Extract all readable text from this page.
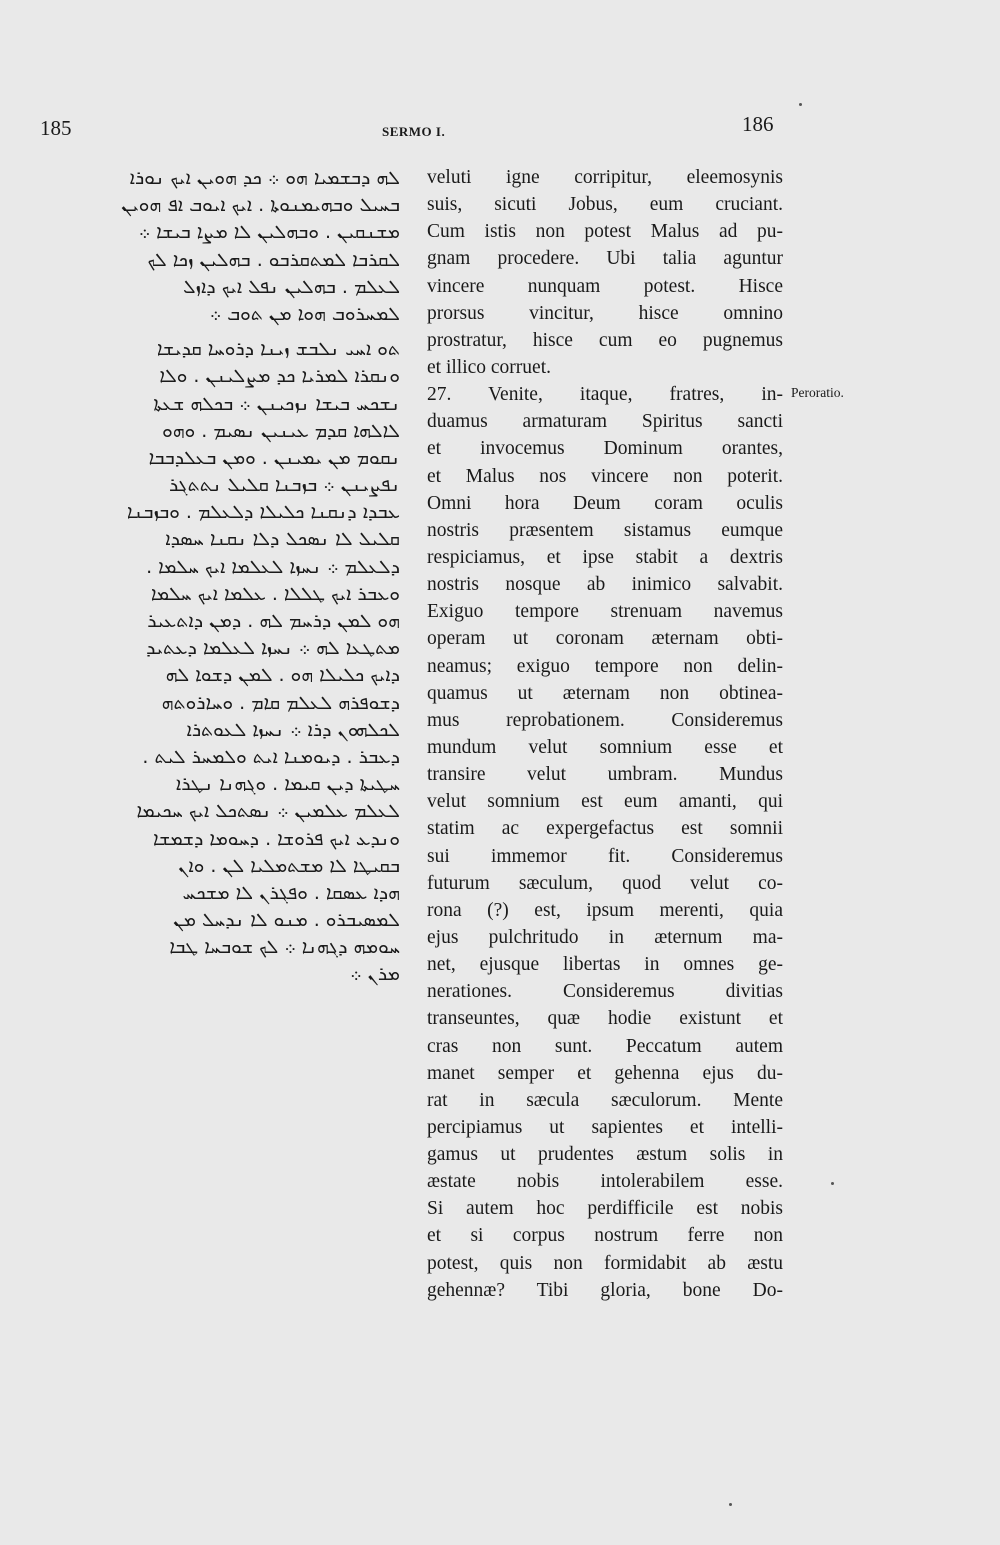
185	SERMO I.	186
ܠܗ ܕܒܫܡܝܐ ܗܘ ܀ ܟܕ ܗܘܝܢ ܐܝܟ ܢܘܪܐ
ܒܚܝܠ ܘܒܗܝܡܢܘܬܐ . ܐܝܟ ܐܝܘܒ ܐܦ ܗܘܝܢ
ܡܫܢܩܝܢ . ܘܒܗܠܝܢ ܠܐ ܡܨܐ ܒܝܫܐ ܀
ܠܩܪܒܐ ܠܡܬܩܪܒܘ . ܒܗܠܝܢ ܙܟܐ ܠܟ
ܠܥܠܡ . ܒܗܠܝܢ ܢܦܠ ܐܝܟ ܕܐܙܠ
ܠܡܚܪܘܒ ܗܘܐ ܡܢ ܬܘܒ ܀
ܬܘ ܐܚܝ ܢܠܒܫ ܙܝܢܐ ܕܪܘܚܐ ܩܕܝܫܐ
ܘܢܩܪܐ ܠܡܪܝܐ ܟܕ ܡܨܠܝܢܢ . ܘܠܐ
ܢܫܟܚ ܒܝܫܐ ܢܙܟܝܢܢ ܀ ܒܟܠܗ ܫܥܬܐ
ܠܐܠܗܐ ܩܕܡ ܥܝܢܝܢ ܢܣܝܡ . ܘܗܘ
ܢܩܘܡ ܡܢ ܝܡܝܢܢ . ܘܡܢ ܒܥܠܕܒܒܐ
ܢܦܨܝܢܢ ܀ ܒܙܒܢܐ ܩܠܝܠ ܢܬܬܓܪ
ܥܒܕܐ ܕܢܩܢܐ ܟܠܝܠܐ ܕܠܥܠܡ . ܘܒܙܒܢܐ
ܩܠܝܠ ܠܐ ܢܣܟܠ ܕܠܐ ܢܩܢܐ ܚܣܕܐ
ܕܠܥܠܡ ܀ ܢܚܙܐ ܠܥܠܡܐ ܐܝܟ ܚܠܡܐ .
ܘܥܒܪ ܐܝܟ ܛܠܠܐ . ܥܠܡܐ ܐܝܟ ܚܠܡܐ
ܗܘ ܠܡܢ ܕܪܚܡ ܠܗ . ܕܡܢ ܕܐܬܥܝܪ
ܡܬܛܥܐ ܠܗ ܀ ܢܚܙܐ ܠܥܠܡܐ ܕܥܬܝܕ
ܕܐܝܟ ܟܠܝܠܐ ܗܘ . ܠܡܢ ܕܫܘܐ ܠܗ
ܕܫܘܦܪܗ ܠܥܠܡ ܩܐܡ . ܘܚܐܪܘܬܗ
ܠܟܠܗܘܢ ܕܪܐ ܀ ܢܚܙܐ ܠܥܘܬܪܐ
ܕܥܒܪ . ܕܝܘܡܢܐ ܐܝܬ ܘܠܡܚܪ ܠܝܬ .
ܚܛܝܬܐ ܕܝܢ ܩܝܡܐ . ܘܓܗܢܐ ܢܛܪܐ
ܠܥܠܡ ܥܠܡܝܢ ܀ ܢܣܬܟܠ ܐܝܟ ܚܟܝܡܐ
ܘܢܕܥ ܐܝܟ ܦܪܘܫܐ . ܕܚܘܡܐ ܕܫܡܫܐ
ܒܩܝܛܐ ܠܐ ܡܫܬܡܠܝܐ ܠܢ . ܘܐܢ
ܗܕܐ ܥܣܩܐ . ܘܦܓܪܢ ܠܐ ܡܫܟܚ
ܠܡܣܝܒܪܘ . ܡܢܘ ܠܐ ܢܕܚܠ ܡܢ
ܚܘܡܗ ܕܓܗܢܐ ܀ ܠܟ ܫܘܒܚܐ ܛܒܐ
ܡܪܢ ܀
veluti igne corripitur, eleemosynis
suis, sicuti Jobus, eum cruciant.
Cum istis non potest Malus ad pu-
gnam procedere. Ubi talia aguntur
vincere nunquam potest. Hisce
prorsus vincitur, hisce omnino
prostratur, hisce cum eo pugnemus
et illico corruet.
27. Venite, itaque, fratres, in-
duamus armaturam Spiritus sancti
et invocemus Dominum orantes,
et Malus nos vincere non poterit.
Omni hora Deum coram oculis
nostris præsentem sistamus eumque
respiciamus, et ipse stabit a dextris
nostris nosque ab inimico salvabit.
Exiguo tempore strenuam navemus
operam ut coronam æternam obti-
neamus; exiguo tempore non delin-
quamus ut æternam non obtinea-
mus reprobationem. Consideremus
mundum velut somnium esse et
transire velut umbram. Mundus
velut somnium est eum amanti, qui
statim ac expergefactus est somnii
sui immemor fit. Consideremus
futurum sæculum, quod velut co-
rona (?) est, ipsum merenti, quia
ejus pulchritudo in æternum ma-
net, ejusque libertas in omnes ge-
nerationes. Consideremus divitias
transeuntes, quæ hodie existunt et
cras non sunt. Peccatum autem
manet semper et gehenna ejus du-
rat in sæcula sæculorum. Mente
percipiamus ut sapientes et intelli-
gamus ut prudentes æstum solis in
æstate nobis intolerabilem esse.
Si autem hoc perdifficile est nobis
et si corpus nostrum ferre non
potest, quis non formidabit ab æstu
gehennæ? Tibi gloria, bone Do-
Peroratio.
